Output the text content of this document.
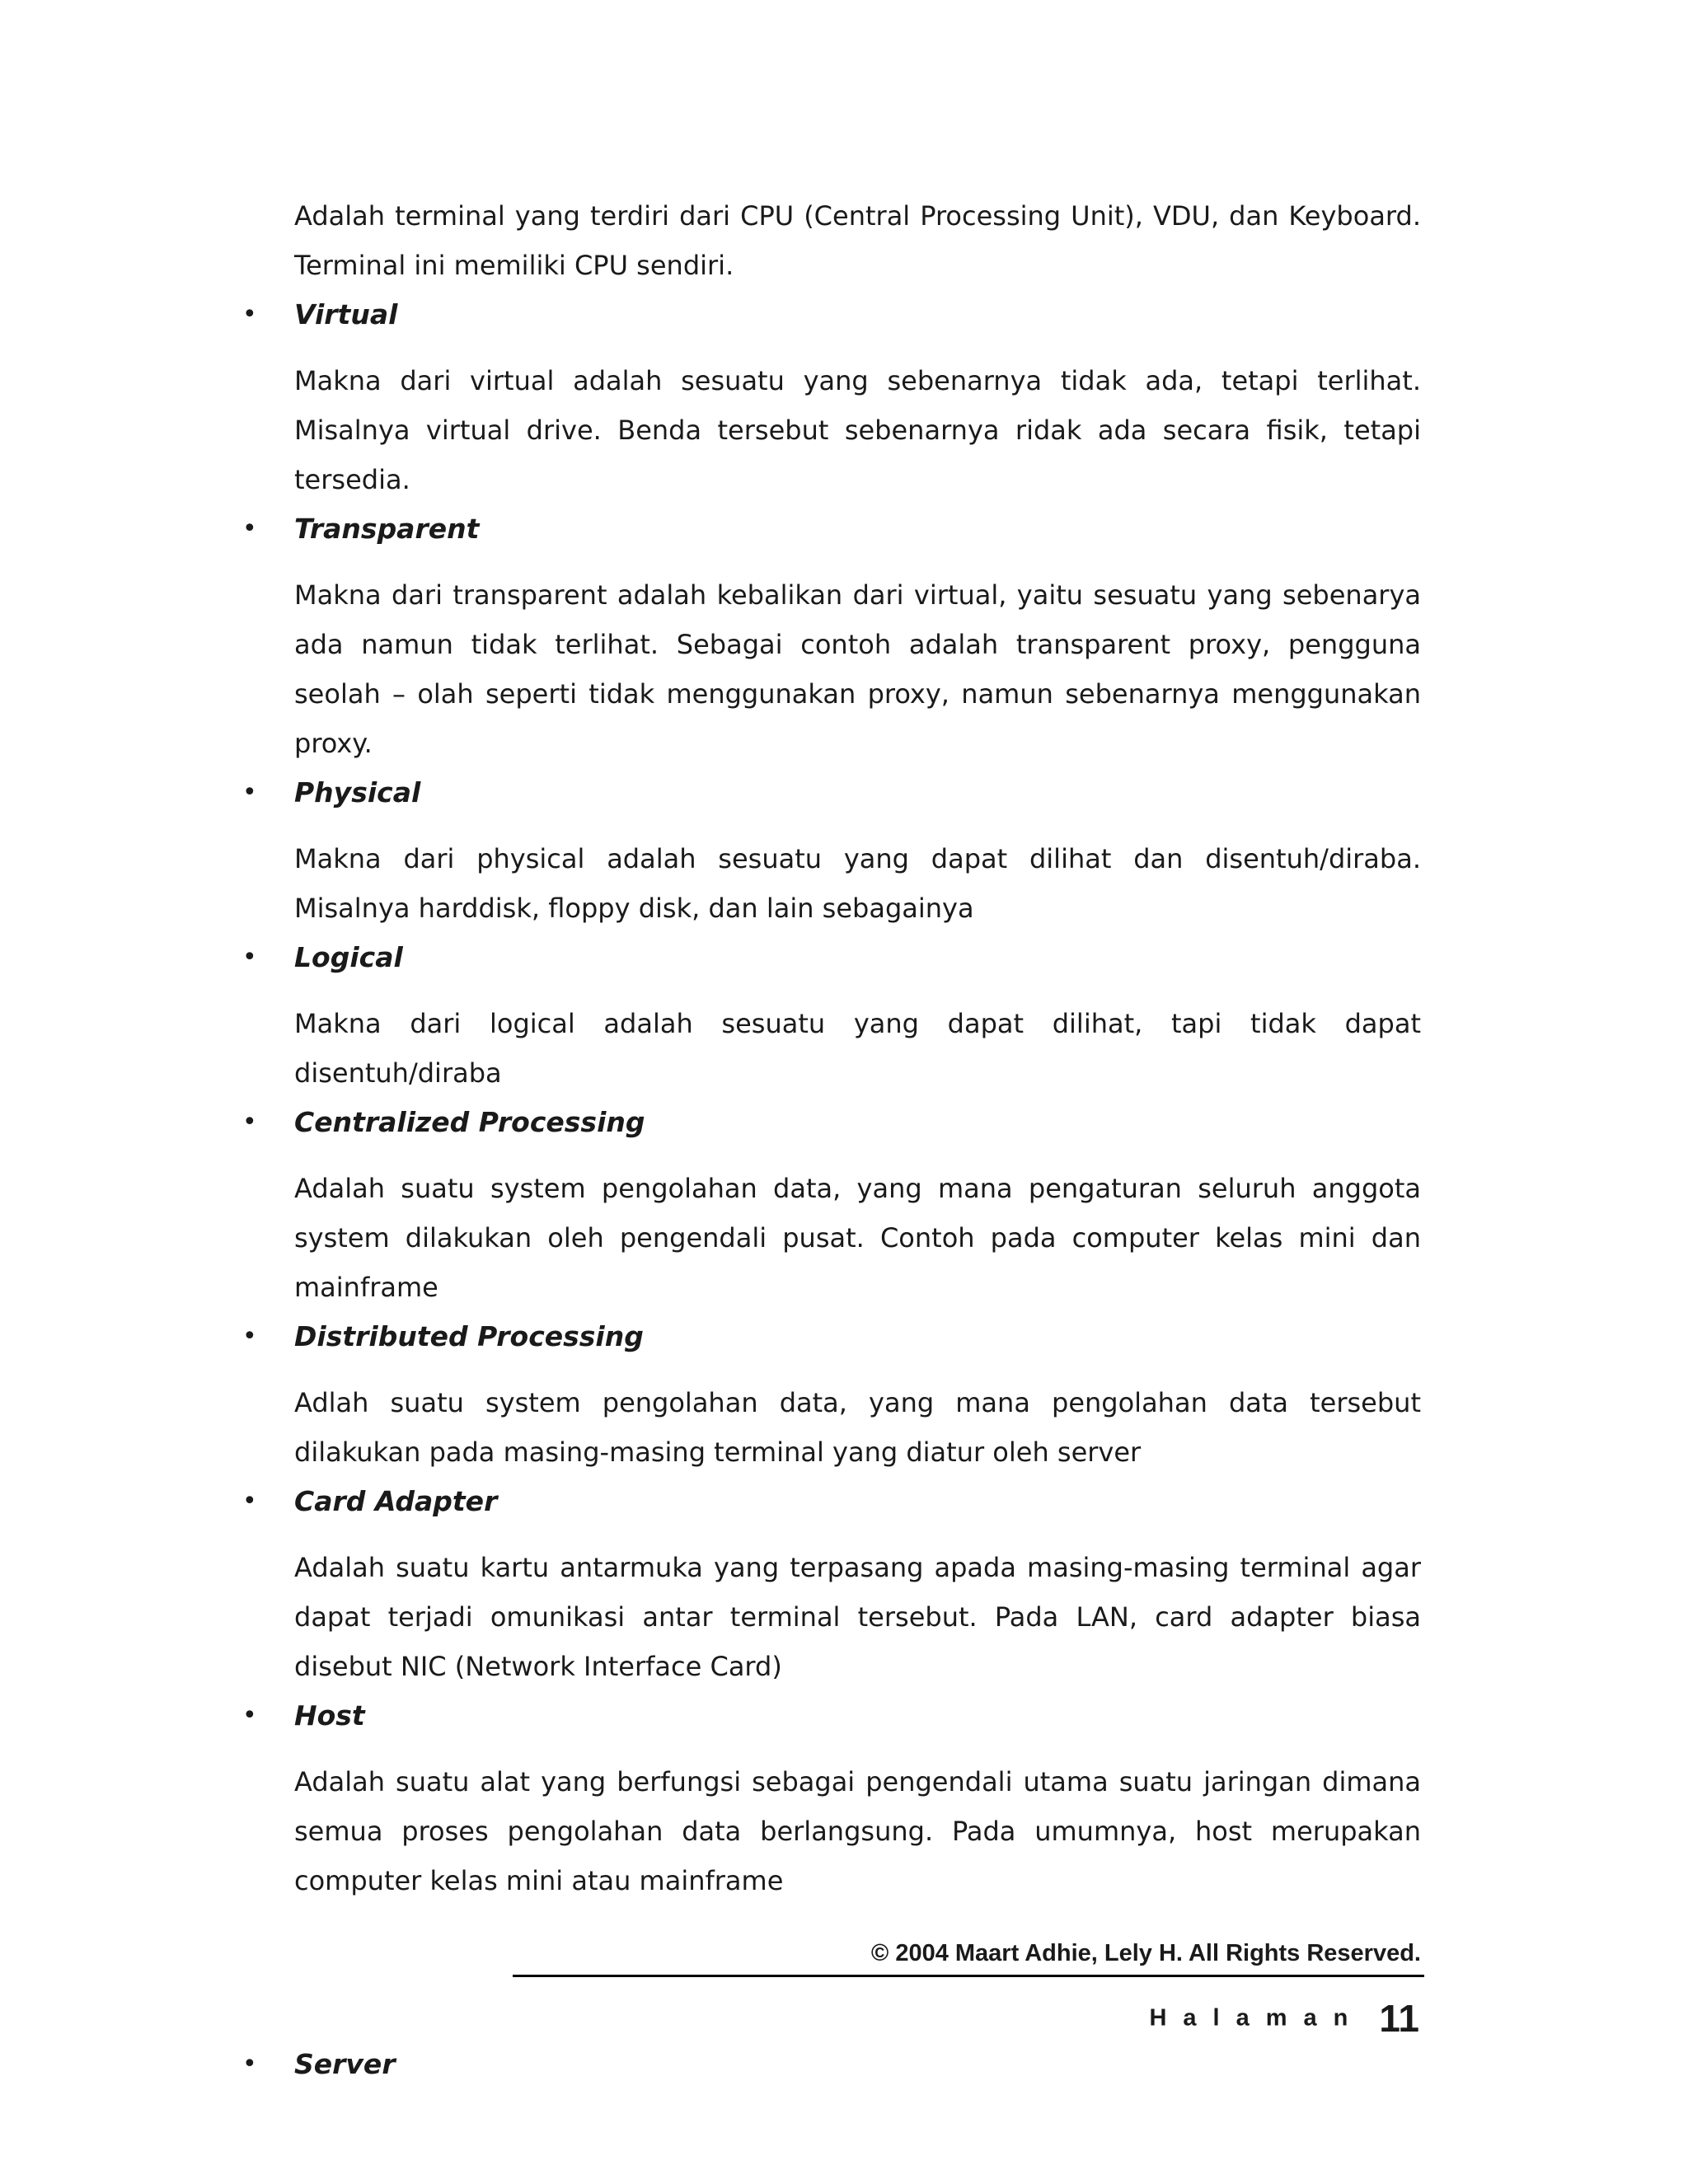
Adalah terminal yang terdiri dari CPU (Central Processing Unit), VDU, dan Keyboard. Terminal ini memiliki CPU sendiri.

• Virtual

Makna dari virtual adalah sesuatu yang sebenarnya tidak ada, tetapi terlihat. Misalnya virtual drive. Benda tersebut sebenarnya ridak ada secara fisik, tetapi tersedia.

• Transparent

Makna dari transparent adalah kebalikan dari virtual, yaitu sesuatu yang sebenarya ada namun tidak terlihat. Sebagai contoh adalah transparent proxy, pengguna seolah – olah seperti tidak menggunakan proxy, namun sebenarnya menggunakan proxy.

• Physical

Makna dari physical adalah sesuatu yang dapat dilihat dan disentuh/diraba. Misalnya harddisk, floppy disk, dan lain sebagainya

• Logical

Makna dari logical adalah sesuatu yang dapat dilihat, tapi tidak dapat disentuh/diraba

• Centralized Processing

Adalah suatu system pengolahan data, yang mana pengaturan seluruh anggota system dilakukan oleh pengendali pusat. Contoh pada computer kelas mini dan mainframe

• Distributed Processing

Adlah suatu system pengolahan data, yang mana pengolahan data tersebut dilakukan pada masing-masing terminal yang diatur oleh server

• Card Adapter

Adalah suatu kartu antarmuka yang terpasang apada masing-masing terminal agar dapat terjadi omunikasi antar terminal tersebut. Pada LAN, card adapter biasa disebut NIC (Network Interface Card)

• Host

Adalah suatu alat yang berfungsi sebagai pengendali utama suatu jaringan dimana semua proses pengolahan data berlangsung. Pada umumnya, host merupakan computer kelas mini atau mainframe

• Server
© 2004 Maart Adhie, Lely H. All Rights Reserved.
Halaman 11
